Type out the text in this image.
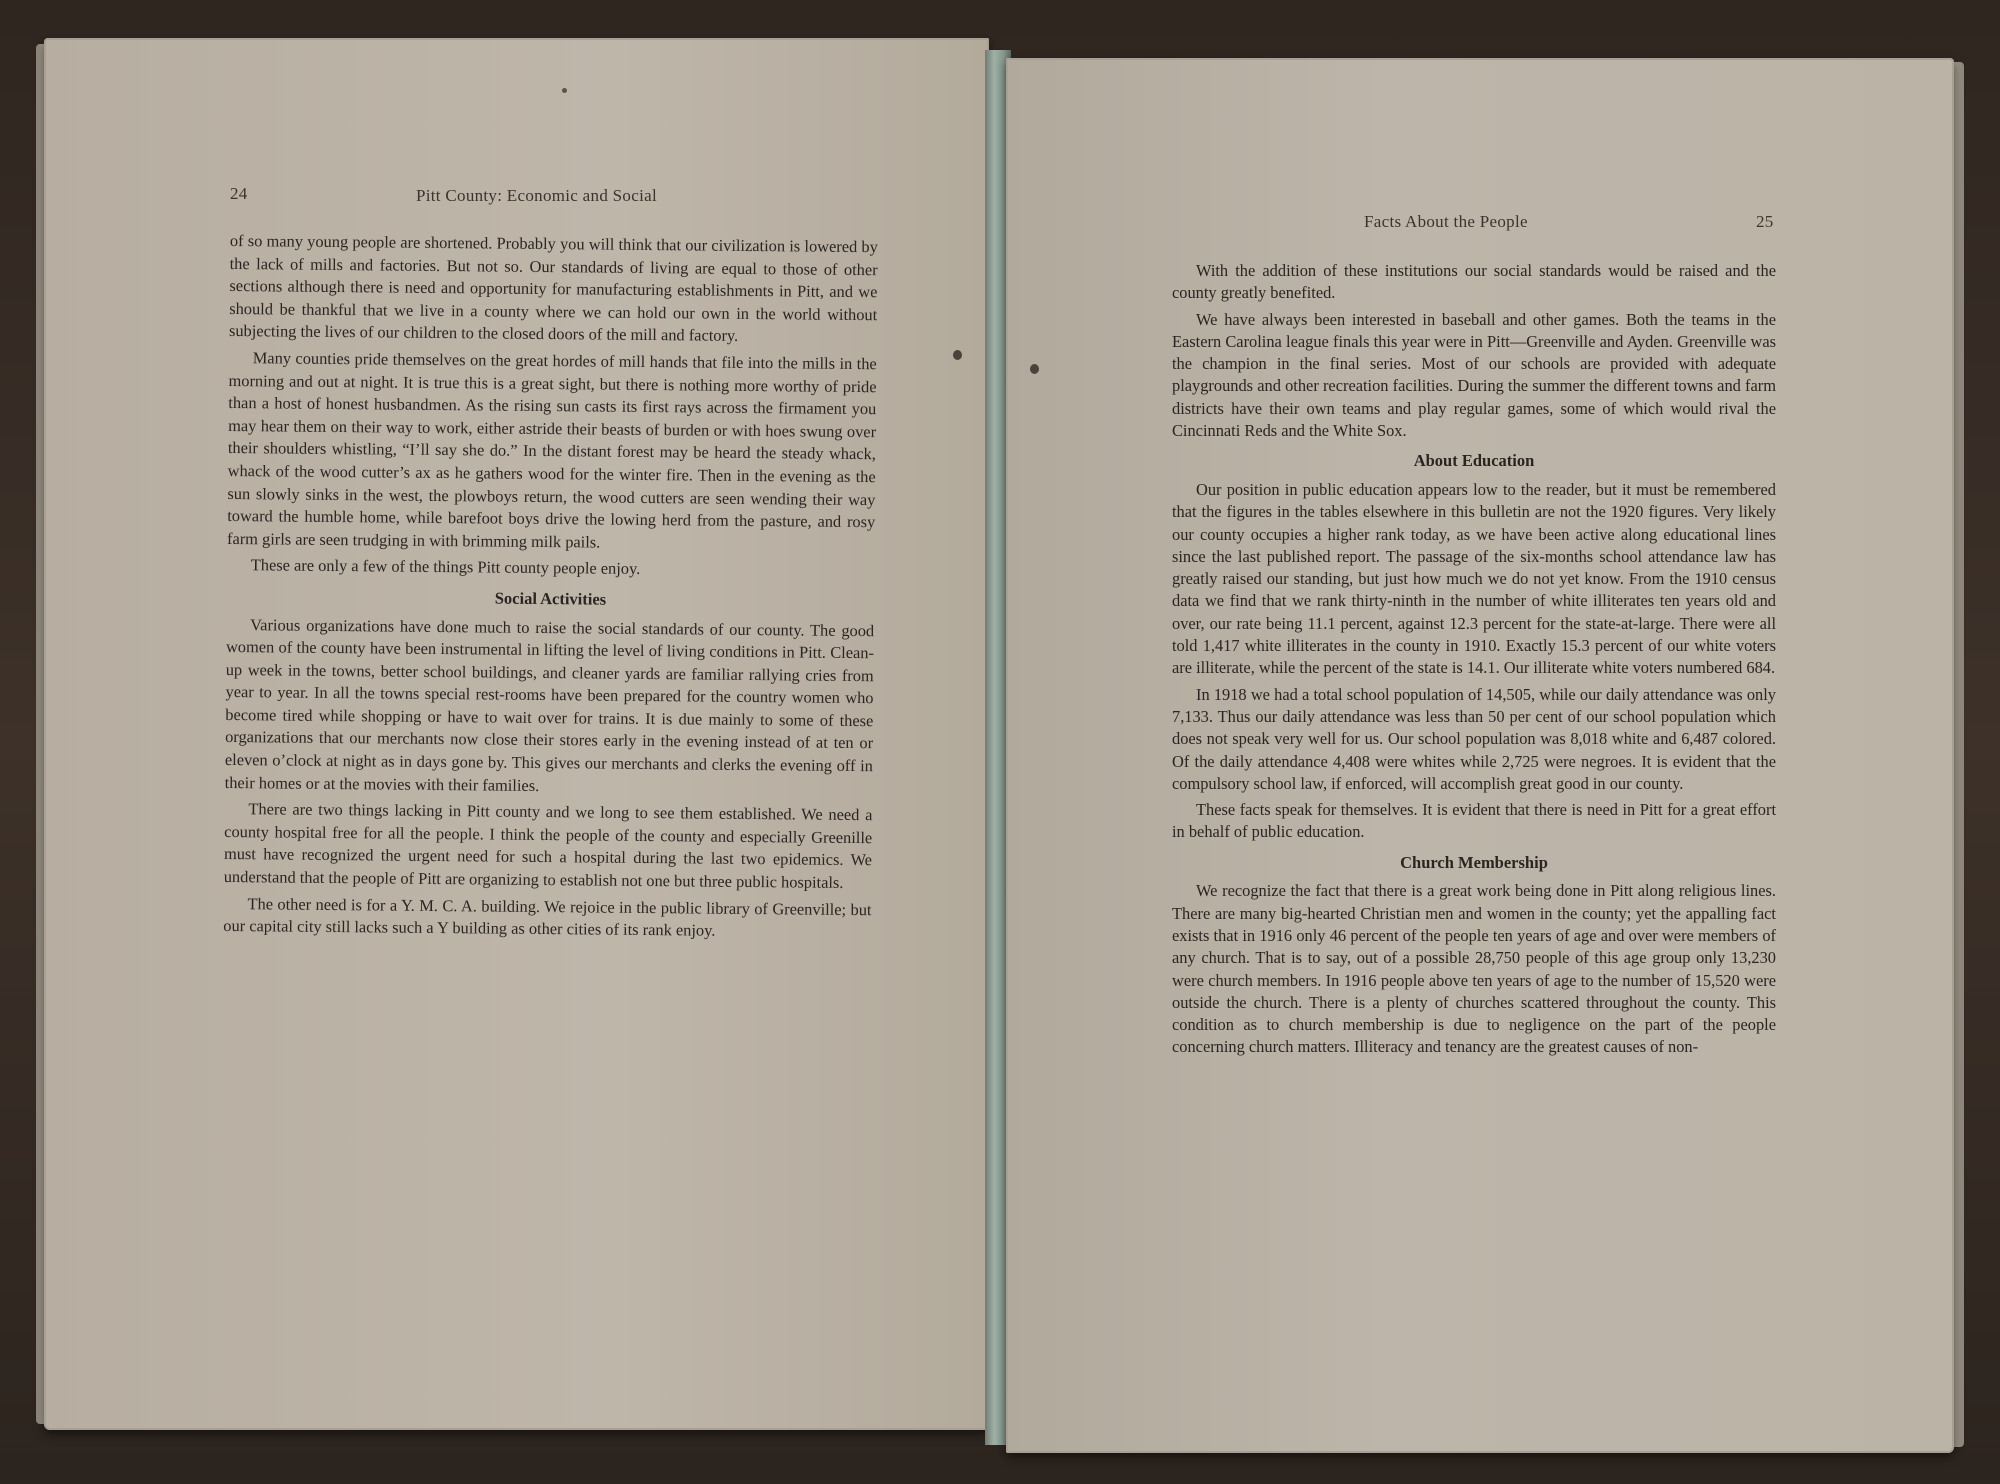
24	Pitt County: Economic and Social

of so many young people are shortened. Probably you will think that our civilization is lowered by the lack of mills and factories. But not so. Our standards of living are equal to those of other sections although there is need and opportunity for manufacturing establishments in Pitt, and we should be thankful that we live in a county where we can hold our own in the world without subjecting the lives of our children to the closed doors of the mill and factory.

Many counties pride themselves on the great hordes of mill hands that file into the mills in the morning and out at night. It is true this is a great sight, but there is nothing more worthy of pride than a host of honest husbandmen. As the rising sun casts its first rays across the firmament you may hear them on their way to work, either astride their beasts of burden or with hoes swung over their shoulders whistling, “I’ll say she do.” In the distant forest may be heard the steady whack, whack of the wood cutter’s ax as he gathers wood for the winter fire. Then in the evening as the sun slowly sinks in the west, the plowboys return, the wood cutters are seen wending their way toward the humble home, while barefoot boys drive the lowing herd from the pasture, and rosy farm girls are seen trudging in with brimming milk pails.

These are only a few of the things Pitt county people enjoy.

Social Activities

Various organizations have done much to raise the social standards of our county. The good women of the county have been instrumental in lifting the level of living conditions in Pitt. Clean-up week in the towns, better school buildings, and cleaner yards are familiar rallying cries from year to year. In all the towns special rest-rooms have been prepared for the country women who become tired while shopping or have to wait over for trains. It is due mainly to some of these organizations that our merchants now close their stores early in the evening instead of at ten or eleven o’clock at night as in days gone by. This gives our merchants and clerks the evening off in their homes or at the movies with their families.

There are two things lacking in Pitt county and we long to see them established. We need a county hospital free for all the people. I think the people of the county and especially Greenille must have recognized the urgent need for such a hospital during the last two epidemics. We understand that the people of Pitt are organizing to establish not one but three public hospitals.

The other need is for a Y. M. C. A. building. We rejoice in the public library of Greenville; but our capital city still lacks such a Y building as other cities of its rank enjoy.

Facts About the People	25

With the addition of these institutions our social standards would be raised and the county greatly benefited.

We have always been interested in baseball and other games. Both the teams in the Eastern Carolina league finals this year were in Pitt—Greenville and Ayden. Greenville was the champion in the final series. Most of our schools are provided with adequate playgrounds and other recreation facilities. During the summer the different towns and farm districts have their own teams and play regular games, some of which would rival the Cincinnati Reds and the White Sox.

About Education

Our position in public education appears low to the reader, but it must be remembered that the figures in the tables elsewhere in this bulletin are not the 1920 figures. Very likely our county occupies a higher rank today, as we have been active along educational lines since the last published report. The passage of the six-months school attendance law has greatly raised our standing, but just how much we do not yet know. From the 1910 census data we find that we rank thirty-ninth in the number of white illiterates ten years old and over, our rate being 11.1 percent, against 12.3 percent for the state-at-large. There were all told 1,417 white illiterates in the county in 1910. Exactly 15.3 percent of our white voters are illiterate, while the percent of the state is 14.1. Our illiterate white voters numbered 684.

In 1918 we had a total school population of 14,505, while our daily attendance was only 7,133. Thus our daily attendance was less than 50 per cent of our school population which does not speak very well for us. Our school population was 8,018 white and 6,487 colored. Of the daily attendance 4,408 were whites while 2,725 were negroes. It is evident that the compulsory school law, if enforced, will accomplish great good in our county.

These facts speak for themselves. It is evident that there is need in Pitt for a great effort in behalf of public education.

Church Membership

We recognize the fact that there is a great work being done in Pitt along religious lines. There are many big-hearted Christian men and women in the county; yet the appalling fact exists that in 1916 only 46 percent of the people ten years of age and over were members of any church. That is to say, out of a possible 28,750 people of this age group only 13,230 were church members. In 1916 people above ten years of age to the number of 15,520 were outside the church. There is a plenty of churches scattered throughout the county. This condition as to church membership is due to negligence on the part of the people concerning church matters. Illiteracy and tenancy are the greatest causes of non-
